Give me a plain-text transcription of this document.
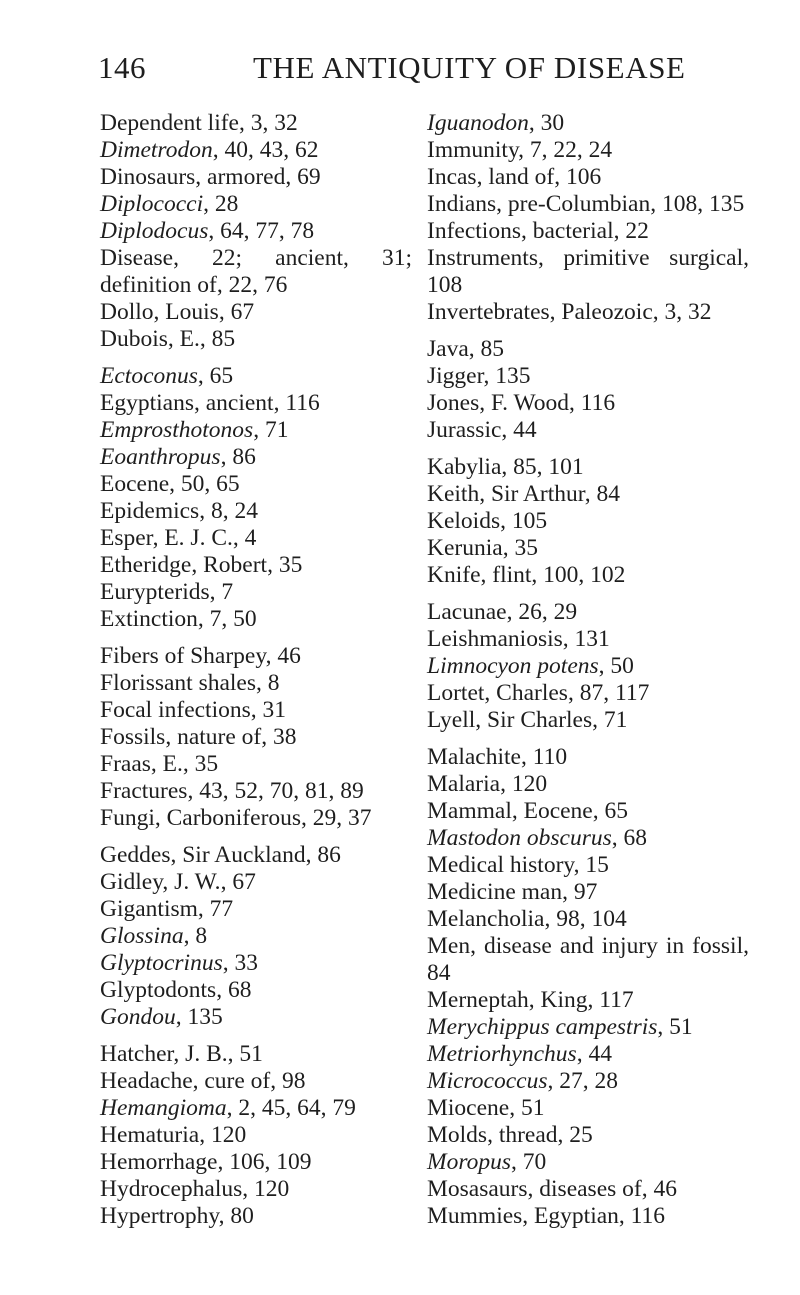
146	THE ANTIQUITY OF DISEASE
Dependent life, 3, 32
Dimetrodon, 40, 43, 62
Dinosaurs, armored, 69
Diplococci, 28
Diplodocus, 64, 77, 78
Disease, 22; ancient, 31; definition of, 22, 76
Dollo, Louis, 67
Dubois, E., 85
Ectoconus, 65
Egyptians, ancient, 116
Emprosthotonos, 71
Eoanthropus, 86
Eocene, 50, 65
Epidemics, 8, 24
Esper, E. J. C., 4
Etheridge, Robert, 35
Eurypterids, 7
Extinction, 7, 50
Fibers of Sharpey, 46
Florissant shales, 8
Focal infections, 31
Fossils, nature of, 38
Fraas, E., 35
Fractures, 43, 52, 70, 81, 89
Fungi, Carboniferous, 29, 37
Geddes, Sir Auckland, 86
Gidley, J. W., 67
Gigantism, 77
Glossina, 8
Glyptocrinus, 33
Glyptodonts, 68
Gondou, 135
Hatcher, J. B., 51
Headache, cure of, 98
Hemangioma, 2, 45, 64, 79
Hematuria, 120
Hemorrhage, 106, 109
Hydrocephalus, 120
Hypertrophy, 80
Iguanodon, 30
Immunity, 7, 22, 24
Incas, land of, 106
Indians, pre-Columbian, 108, 135
Infections, bacterial, 22
Instruments, primitive surgical, 108
Invertebrates, Paleozoic, 3, 32
Java, 85
Jigger, 135
Jones, F. Wood, 116
Jurassic, 44
Kabylia, 85, 101
Keith, Sir Arthur, 84
Keloids, 105
Kerunia, 35
Knife, flint, 100, 102
Lacunae, 26, 29
Leishmaniosis, 131
Limnocyon potens, 50
Lortet, Charles, 87, 117
Lyell, Sir Charles, 71
Malachite, 110
Malaria, 120
Mammal, Eocene, 65
Mastodon obscurus, 68
Medical history, 15
Medicine man, 97
Melancholia, 98, 104
Men, disease and injury in fossil, 84
Merneptah, King, 117
Merychippus campestris, 51
Metriorhynchus, 44
Micrococcus, 27, 28
Miocene, 51
Molds, thread, 25
Moropus, 70
Mosasaurs, diseases of, 46
Mummies, Egyptian, 116
